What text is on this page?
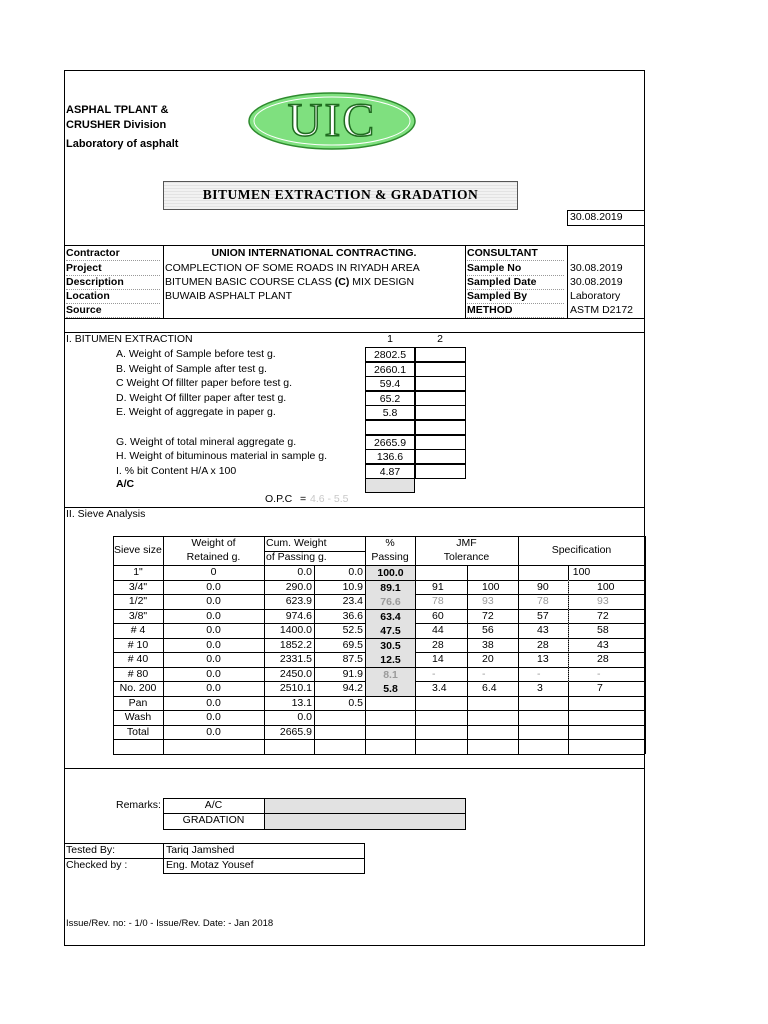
ASPHAL TPLANT &
CRUSHER Division
Laboratory of asphalt	UIC
BITUMEN EXTRACTION & GRADATION
30.08.2019
Contractor	UNION INTERNATIONAL CONTRACTING.	CONSULTANT
Project	COMPLECTION OF SOME ROADS IN RIYADH AREA	Sample No	30.08.2019
Description	BITUMEN BASIC COURSE CLASS (C) MIX DESIGN	Sampled Date	30.08.2019
Location	BUWAIB ASPHALT PLANT	Sampled By	Laboratory
Source	METHOD	ASTM D2172
I. BITUMEN EXTRACTION	1	2
A. Weight of Sample before test g.	2802.5
B. Weight of Sample after test g.	2660.1
C Weight Of fillter paper before test g.	59.4
D. Weight Of fillter paper after test g.	65.2
E. Weight of aggregate in paper g.	5.8
G. Weight of total mineral aggregate g.	2665.9
H. Weight of bituminous material in sample g.	136.6
I. % bit Content H/A x 100	4.87
A/C
O.P.C = 4.6 - 5.5
II. Sieve Analysis
Sieve size
Weight of
Retained g.
Cum. Weight
of Passing g.
%
Passing
JMF
Tolerance
Specification
1"	0	0.0	0.0	100.0	100
3/4"	0.0	290.0	10.9	89.1	91	100	90	100
1/2"	0.0	623.9	23.4	76.6	78	93	78	93
3/8"	0.0	974.6	36.6	63.4	60	72	57	72
# 4	0.0	1400.0	52.5	47.5	44	56	43	58
# 10	0.0	1852.2	69.5	30.5	28	38	28	43
# 40	0.0	2331.5	87.5	12.5	14	20	13	28
# 80	0.0	2450.0	91.9	8.1	-	-	-	-
No. 200	0.0	2510.1	94.2	5.8	3.4	6.4	3	7
Pan	0.0	13.1	0.5
Wash	0.0	0.0
Total	0.0	2665.9
Remarks:	A/C
GRADATION
Tested By:	Tariq Jamshed
Checked by :	Eng. Motaz Yousef
Issue/Rev. no: - 1/0 - Issue/Rev. Date: - Jan 2018
